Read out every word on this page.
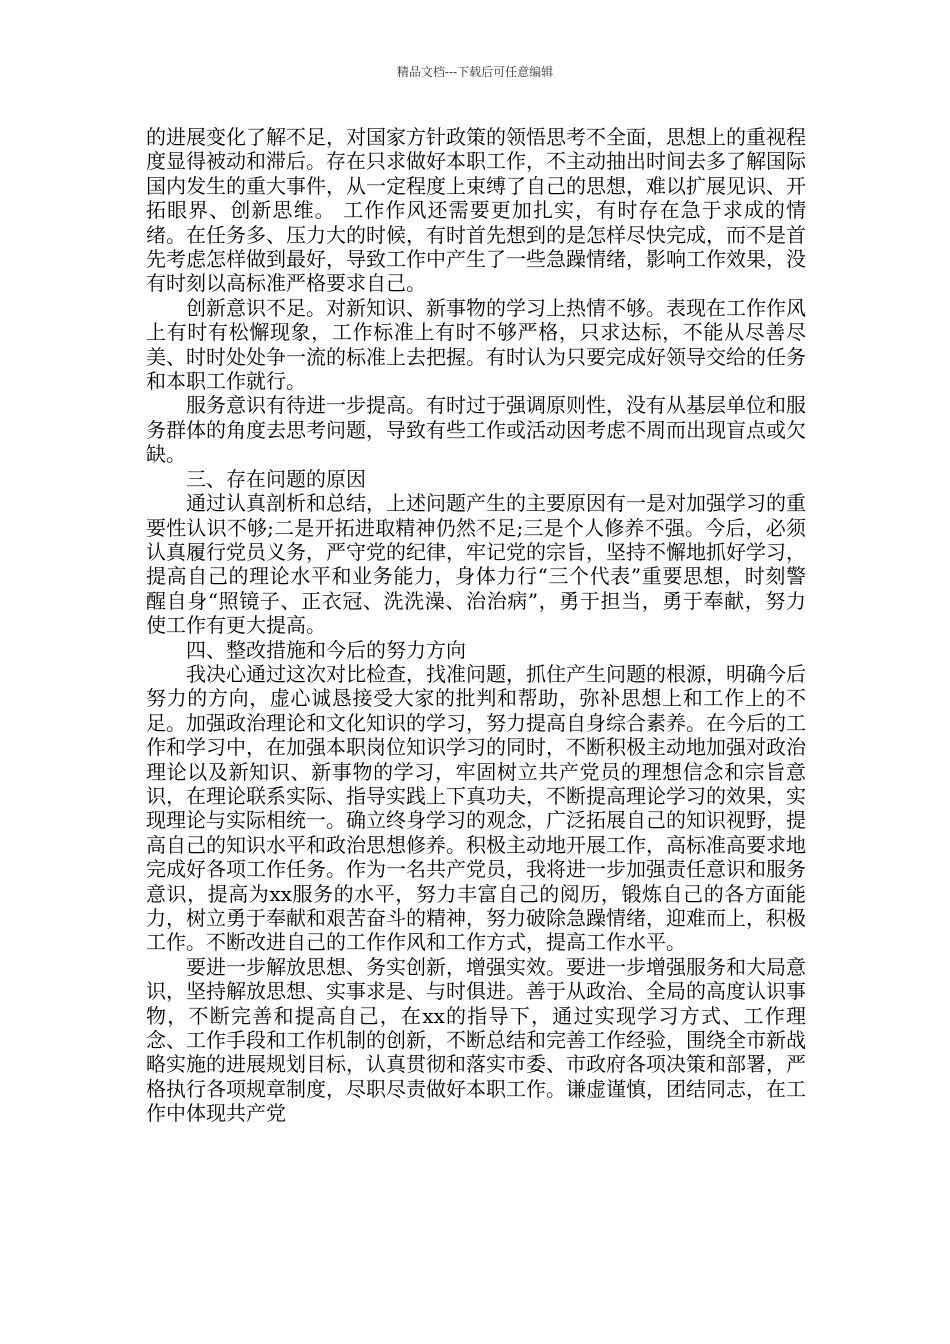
精品文档---下载后可任意编辑

的进展变化了解不足，对国家方针政策的领悟思考不全面，思想上的重视程度显得被动和滞后。存在只求做好本职工作，不主动抽出时间去多了解国际国内发生的重大事件，从一定程度上束缚了自己的思想，难以扩展见识、开拓眼界、创新思维。 工作作风还需要更加扎实，有时存在急于求成的情绪。在任务多、压力大的时候，有时首先想到的是怎样尽快完成，而不是首先考虑怎样做到最好，导致工作中产生了一些急躁情绪，影响工作效果，没有时刻以高标准严格要求自己。

创新意识不足。对新知识、新事物的学习上热情不够。表现在工作作风上有时有松懈现象，工作标准上有时不够严格，只求达标，不能从尽善尽美、时时处处争一流的标准上去把握。有时认为只要完成好领导交给的任务和本职工作就行。

服务意识有待进一步提高。有时过于强调原则性，没有从基层单位和服务群体的角度去思考问题，导致有些工作或活动因考虑不周而出现盲点或欠缺。

三、存在问题的原因

通过认真剖析和总结，上述问题产生的主要原因有一是对加强学习的重要性认识不够;二是开拓进取精神仍然不足;三是个人修养不强。今后，必须认真履行党员义务，严守党的纪律，牢记党的宗旨，坚持不懈地抓好学习，提高自己的理论水平和业务能力，身体力行“三个代表”重要思想，时刻警醒自身“照镜子、正衣冠、洗洗澡、治治病”，勇于担当，勇于奉献，努力使工作有更大提高。

四、整改措施和今后的努力方向

我决心通过这次对比检查，找准问题，抓住产生问题的根源，明确今后努力的方向，虚心诚恳接受大家的批判和帮助，弥补思想上和工作上的不足。加强政治理论和文化知识的学习，努力提高自身综合素养。在今后的工作和学习中，在加强本职岗位知识学习的同时，不断积极主动地加强对政治理论以及新知识、新事物的学习，牢固树立共产党员的理想信念和宗旨意识，在理论联系实际、指导实践上下真功夫，不断提高理论学习的效果，实现理论与实际相统一。确立终身学习的观念，广泛拓展自己的知识视野，提高自己的知识水平和政治思想修养。积极主动地开展工作，高标准高要求地完成好各项工作任务。作为一名共产党员，我将进一步加强责任意识和服务意识，提高为xx服务的水平，努力丰富自己的阅历，锻炼自己的各方面能力，树立勇于奉献和艰苦奋斗的精神，努力破除急躁情绪，迎难而上，积极工作。不断改进自己的工作作风和工作方式，提高工作水平。

要进一步解放思想、务实创新，增强实效。要进一步增强服务和大局意识，坚持解放思想、实事求是、与时俱进。善于从政治、全局的高度认识事物，不断完善和提高自己，在xx的指导下，通过实现学习方式、工作理念、工作手段和工作机制的创新，不断总结和完善工作经验，围绕全市新战略实施的进展规划目标，认真贯彻和落实市委、市政府各项决策和部署，严格执行各项规章制度，尽职尽责做好本职工作。谦虚谨慎，团结同志，在工作中体现共产党
